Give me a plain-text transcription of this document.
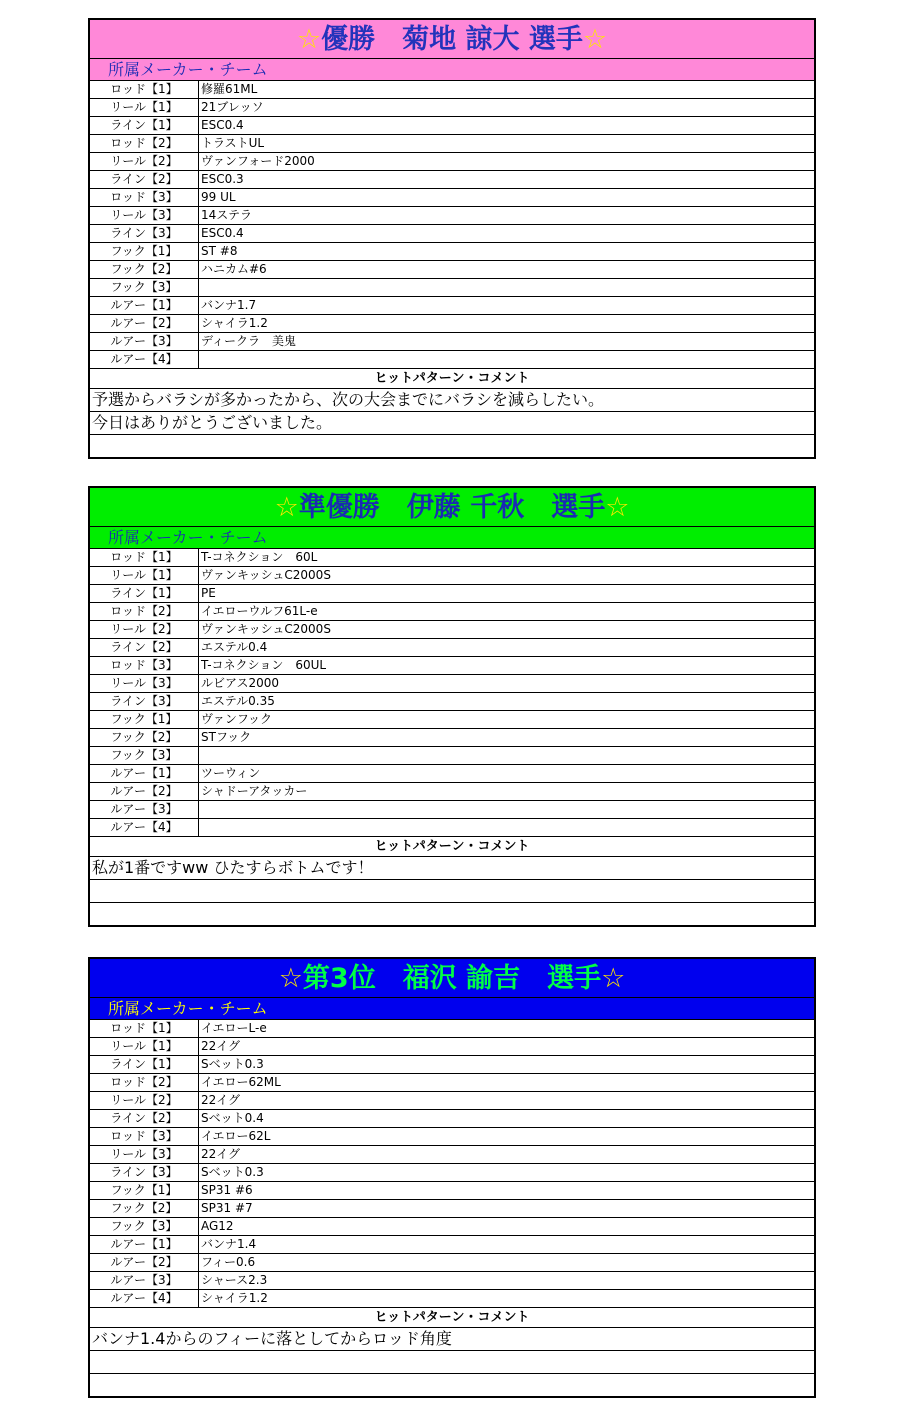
☆優勝　菊地 諒大 選手☆
所属メーカー・チーム
ロッド【1】	修羅61ML
リール【1】	21ブレッソ
ライン【1】	ESC0.4
ロッド【2】	トラストUL
リール【2】	ヴァンフォード2000
ライン【2】	ESC0.3
ロッド【3】	99 UL
リール【3】	14ステラ
ライン【3】	ESC0.4
フック【1】	ST #8
フック【2】	ハニカム#6
フック【3】	
ルアー【1】	バンナ1.7
ルアー【2】	シャイラ1.2
ルアー【3】	ディークラ　美鬼
ルアー【4】	
ヒットパターン・コメント
予選からバラシが多かったから、次の大会までにバラシを減らしたい。
今日はありがとうございました。
☆準優勝　伊藤 千秋　選手☆
所属メーカー・チーム
ロッド【1】	T-コネクション　60L
リール【1】	ヴァンキッシュC2000S
ライン【1】	PE
ロッド【2】	イエローウルフ61L-e
リール【2】	ヴァンキッシュC2000S
ライン【2】	エステル0.4
ロッド【3】	T-コネクション　60UL
リール【3】	ルビアス2000
ライン【3】	エステル0.35
フック【1】	ヴァンフック
フック【2】	STフック
フック【3】	
ルアー【1】	ツーウィン
ルアー【2】	シャドーアタッカー
ルアー【3】	
ルアー【4】	
ヒットパターン・コメント
私が1番ですww ひたすらボトムです！
☆第3位　福沢 諭吉　選手☆
所属メーカー・チーム
ロッド【1】	イエローL-e
リール【1】	22イグ
ライン【1】	Sベット0.3
ロッド【2】	イエロー62ML
リール【2】	22イグ
ライン【2】	Sベット0.4
ロッド【3】	イエロー62L
リール【3】	22イグ
ライン【3】	Sベット0.3
フック【1】	SP31 #6
フック【2】	SP31 #7
フック【3】	AG12
ルアー【1】	バンナ1.4
ルアー【2】	フィー0.6
ルアー【3】	シャース2.3
ルアー【4】	シャイラ1.2
ヒットパターン・コメント
バンナ1.4からのフィーに落としてからロッド角度
